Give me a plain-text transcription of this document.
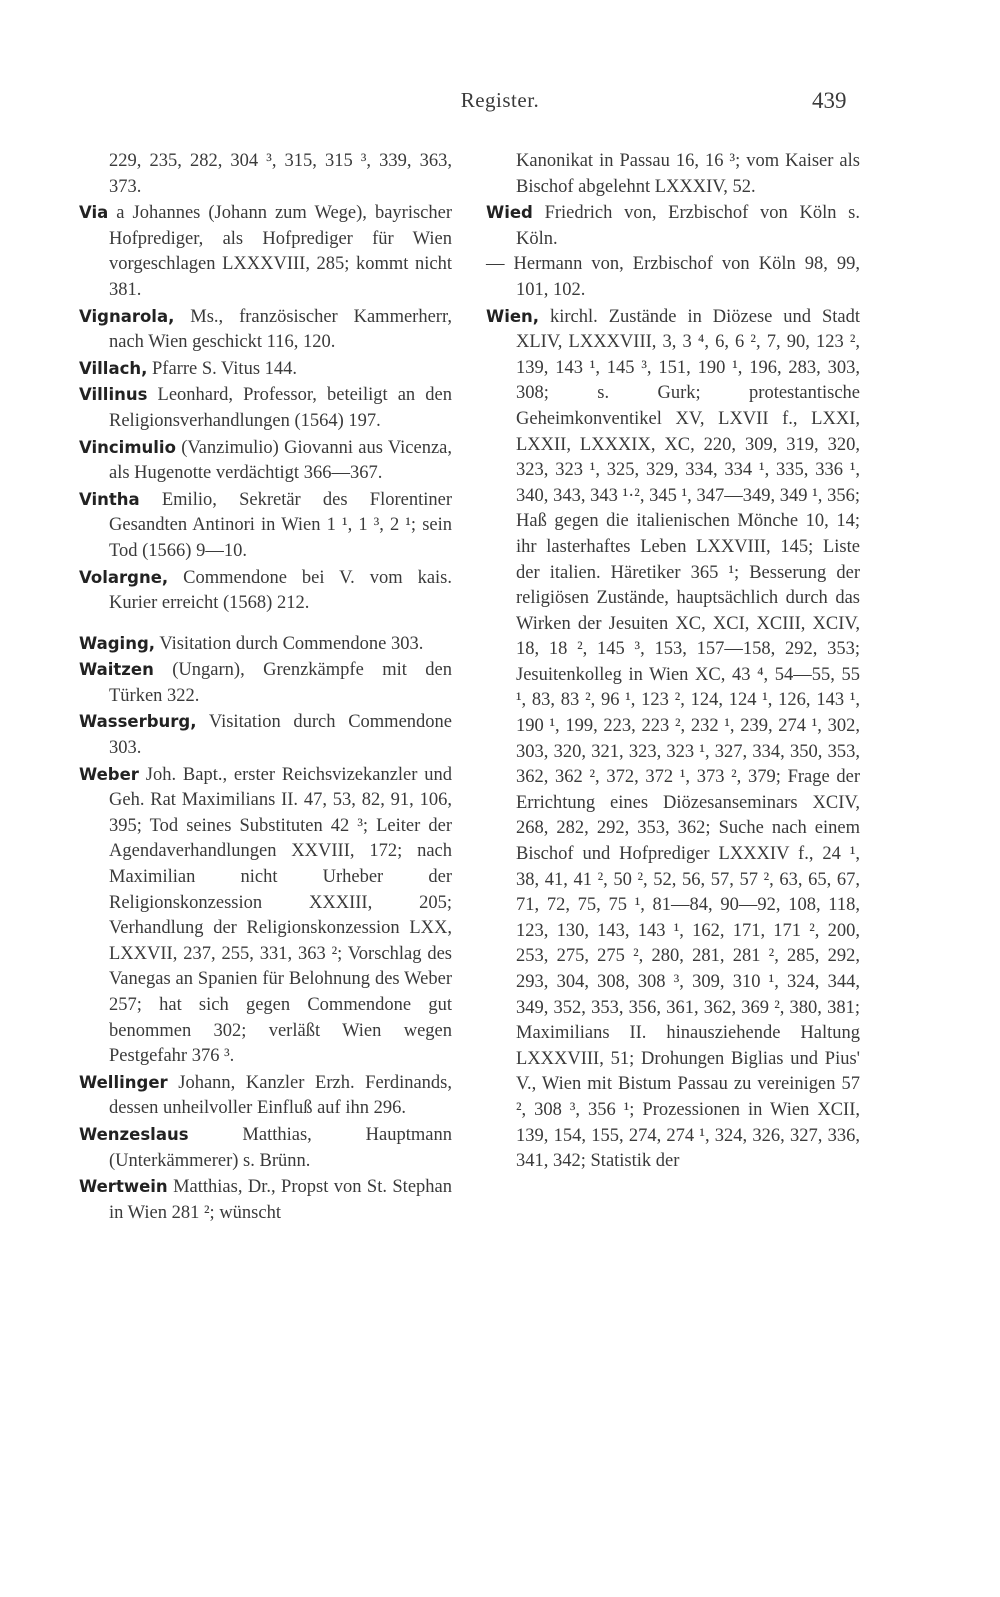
Register.	439
229, 235, 282, 304 ³, 315, 315 ³, 339, 363, 373.
Via a Johannes (Johann zum Wege), bayrischer Hofprediger, als Hofprediger für Wien vorgeschlagen LXXXVIII, 285; kommt nicht 381.
Vignarola, Ms., französischer Kammerherr, nach Wien geschickt 116, 120.
Villach, Pfarre S. Vitus 144.
Villinus Leonhard, Professor, beteiligt an den Religionsverhandlungen (1564) 197.
Vincimulio (Vanzimulio) Giovanni aus Vicenza, als Hugenotte verdächtigt 366—367.
Vintha Emilio, Sekretär des Florentiner Gesandten Antinori in Wien 1 ¹, 1 ³, 2 ¹; sein Tod (1566) 9—10.
Volargne, Commendone bei V. vom kais. Kurier erreicht (1568) 212.
Waging, Visitation durch Commendone 303.
Waitzen (Ungarn), Grenzkämpfe mit den Türken 322.
Wasserburg, Visitation durch Commendone 303.
Weber Joh. Bapt., erster Reichsvizekanzler und Geh. Rat Maximilians II. 47, 53, 82, 91, 106, 395; Tod seines Substituten 42 ³; Leiter der Agendaverhandlungen XXVIII, 172; nach Maximilian nicht Urheber der Religionskonzession XXXIII, 205; Verhandlung der Religionskonzession LXX, LXXVII, 237, 255, 331, 363 ²; Vorschlag des Vanegas an Spanien für Belohnung des Weber 257; hat sich gegen Commendone gut benommen 302; verläßt Wien wegen Pestgefahr 376 ³.
Wellinger Johann, Kanzler Erzh. Ferdinands, dessen unheilvoller Einfluß auf ihn 296.
Wenzeslaus Matthias, Hauptmann (Unterkämmerer) s. Brünn.
Wertwein Matthias, Dr., Propst von St. Stephan in Wien 281 ²; wünscht
Kanonikat in Passau 16, 16 ³; vom Kaiser als Bischof abgelehnt LXXXIV, 52.
Wied Friedrich von, Erzbischof von Köln s. Köln.
— Hermann von, Erzbischof von Köln 98, 99, 101, 102.
Wien, kirchl. Zustände in Diözese und Stadt XLIV, LXXXVIII, 3, 3 ⁴, 6, 6 ², 7, 90, 123 ², 139, 143 ¹, 145 ³, 151, 190 ¹, 196, 283, 303, 308; s. Gurk; protestantische Geheimkonventikel XV, LXVII f., LXXI, LXXII, LXXXIX, XC, 220, 309, 319, 320, 323, 323 ¹, 325, 329, 334, 334 ¹, 335, 336 ¹, 340, 343, 343 ¹·², 345 ¹, 347—349, 349 ¹, 356; Haß gegen die italienischen Mönche 10, 14; ihr lasterhaftes Leben LXXVIII, 145; Liste der italien. Häretiker 365 ¹; Besserung der religiösen Zustände, hauptsächlich durch das Wirken der Jesuiten XC, XCI, XCIII, XCIV, 18, 18 ², 145 ³, 153, 157—158, 292, 353; Jesuitenkolleg in Wien XC, 43 ⁴, 54—55, 55 ¹, 83, 83 ², 96 ¹, 123 ², 124, 124 ¹, 126, 143 ¹, 190 ¹, 199, 223, 223 ², 232 ¹, 239, 274 ¹, 302, 303, 320, 321, 323, 323 ¹, 327, 334, 350, 353, 362, 362 ², 372, 372 ¹, 373 ², 379; Frage der Errichtung eines Diözesanseminars XCIV, 268, 282, 292, 353, 362; Suche nach einem Bischof und Hofprediger LXXXIV f., 24 ¹, 38, 41, 41 ², 50 ², 52, 56, 57, 57 ², 63, 65, 67, 71, 72, 75, 75 ¹, 81—84, 90—92, 108, 118, 123, 130, 143, 143 ¹, 162, 171, 171 ², 200, 253, 275, 275 ², 280, 281, 281 ², 285, 292, 293, 304, 308, 308 ³, 309, 310 ¹, 324, 344, 349, 352, 353, 356, 361, 362, 369 ², 380, 381; Maximilians II. hinausziehende Haltung LXXXVIII, 51; Drohungen Biglias und Pius' V., Wien mit Bistum Passau zu vereinigen 57 ², 308 ³, 356 ¹; Prozessionen in Wien XCII, 139, 154, 155, 274, 274 ¹, 324, 326, 327, 336, 341, 342; Statistik der
